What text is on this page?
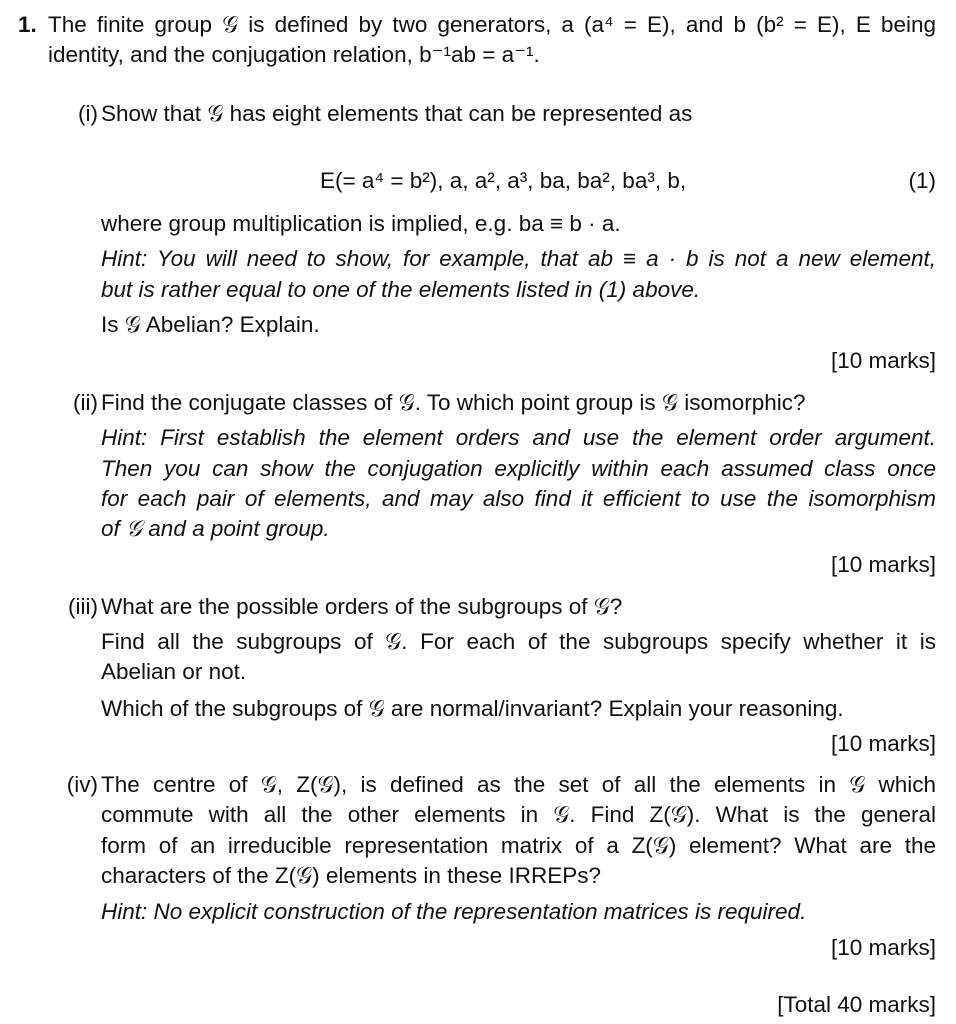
1. The finite group 𝒢 is defined by two generators, a (a⁴ = E), and b (b² = E), E being
identity, and the conjugation relation, b⁻¹ab = a⁻¹.
(i) Show that 𝒢 has eight elements that can be represented as
E(= a⁴ = b²), a, a², a³, ba, ba², ba³, b,	(1)
where group multiplication is implied, e.g. ba ≡ b · a.
Hint: You will need to show, for example, that ab ≡ a · b is not a new element,
but is rather equal to one of the elements listed in (1) above.
Is 𝒢 Abelian? Explain.
[10 marks]
(ii) Find the conjugate classes of 𝒢. To which point group is 𝒢 isomorphic?
Hint: First establish the element orders and use the element order argument.
Then you can show the conjugation explicitly within each assumed class once
for each pair of elements, and may also find it efficient to use the isomorphism
of 𝒢 and a point group.
[10 marks]
(iii) What are the possible orders of the subgroups of 𝒢?
Find all the subgroups of 𝒢. For each of the subgroups specify whether it is
Abelian or not.
Which of the subgroups of 𝒢 are normal/invariant? Explain your reasoning.
[10 marks]
(iv) The centre of 𝒢, Z(𝒢), is defined as the set of all the elements in 𝒢 which
commute with all the other elements in 𝒢. Find Z(𝒢). What is the general
form of an irreducible representation matrix of a Z(𝒢) element? What are the
characters of the Z(𝒢) elements in these IRREPs?
Hint: No explicit construction of the representation matrices is required.
[10 marks]
[Total 40 marks]
